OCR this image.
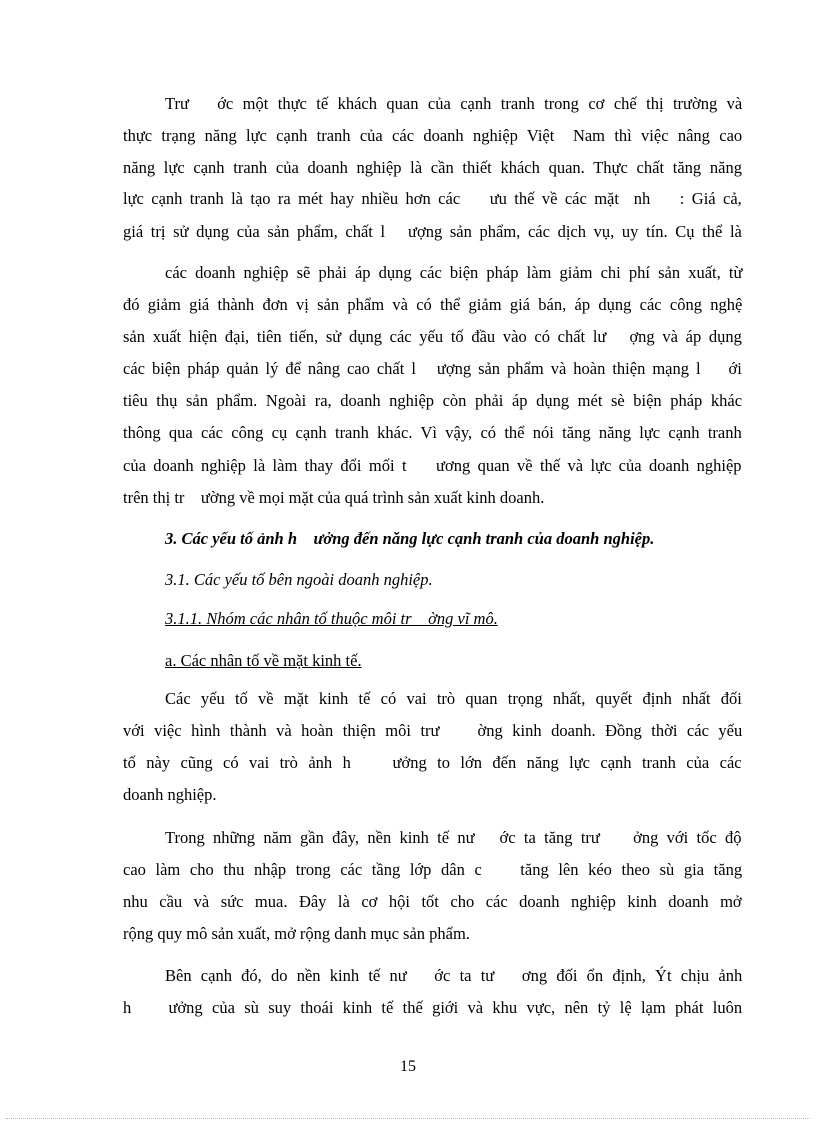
Trư   ớc một thực tế khách quan của cạnh tranh trong cơ chế thị trường và
thực trạng năng lực cạnh tranh của các doanh nghiệp Việt  Nam thì việc nâng cao
năng lực cạnh tranh của doanh nghiệp là cần thiết khách quan. Thực chất tăng năng
lực cạnh tranh là tạo ra mét hay nhiều hơn các    ưu thế về các mặt  nh    : Giá cả,
giá trị sử dụng của sản phẩm, chất l   ượng sản phẩm, các dịch vụ, uy tín. Cụ thể là
các doanh nghiệp sẽ phải áp dụng các biện pháp làm giảm chi phí sản xuất, từ
đó giảm giá thành đơn vị sản phẩm và có thể giảm giá bán, áp dụng các công nghệ
sản xuất hiện đại, tiên tiến, sử dụng các yếu tố đầu vào có chất lư   ợng và áp dụng
các biện pháp quản lý để nâng cao chất l   ượng sản phẩm và hoàn thiện mạng l    ới
tiêu thụ sản phẩm. Ngoài ra, doanh nghiệp còn phải áp dụng mét sè biện pháp khác
thông qua các công cụ cạnh tranh khác. Vì vậy, có thể nói tăng năng lực cạnh tranh
của doanh nghiệp là làm thay đổi mối t    ương quan về thế và lực của doanh nghiệp
trên thị tr    ường về mọi mặt của quá trình sản xuất kinh doanh.
3. Các yếu tố ảnh h    ưởng đến năng lực cạnh tranh của doanh nghiệp.
3.1. Các yếu tố bên ngoài doanh nghiệp.
3.1.1. Nhóm các nhân tố thuộc môi tr    ờng vĩ mô.
a. Các nhân tố về mặt kinh tế.
Các yếu tố về mặt kinh tế có vai trò quan trọng nhất, quyết định nhất đối
với việc hình thành và hoàn thiện môi trư    ờng kinh doanh. Đồng thời các yếu
tố này cũng có vai trò ảnh h    ưởng to lớn đến năng lực cạnh tranh của các
doanh nghiệp.
Trong những năm gần đây, nền kinh tế nư   ớc ta tăng trư    ởng với tốc độ
cao làm cho thu nhập trong các tầng lớp dân c    tăng lên kéo theo sù gia tăng
nhu cầu và sức mua. Đây là cơ hội tốt cho các doanh nghiệp kinh doanh mở
rộng quy mô sản xuất, mở rộng danh mục sản phẩm.
Bên cạnh đó, do nền kinh tế nư   ớc ta tư   ơng đối ổn định, Ýt chịu ảnh
h    ưởng của sù suy thoái kinh tế thế giới và khu vực, nên tỷ lệ lạm phát luôn
15
